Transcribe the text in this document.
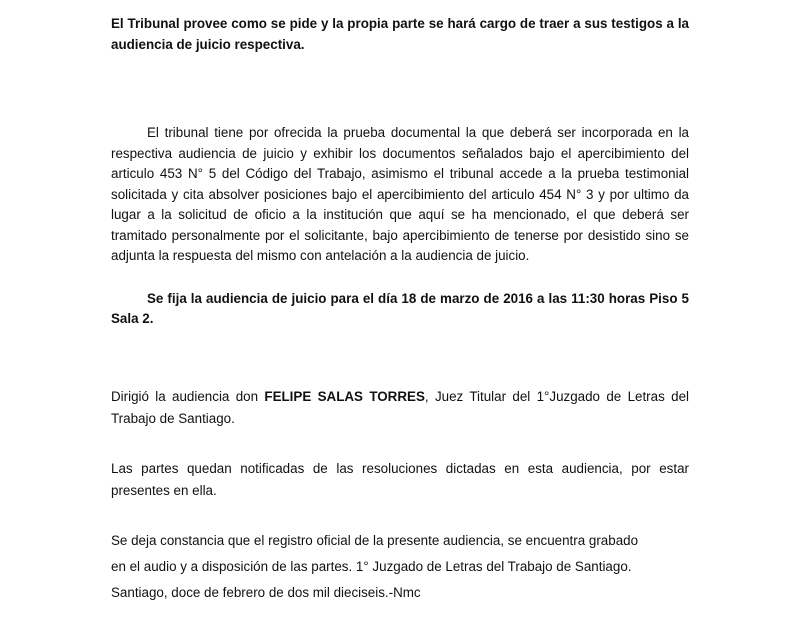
El Tribunal provee como se pide y la propia parte se hará cargo de traer a sus testigos a la audiencia de juicio respectiva.

El tribunal tiene por ofrecida la prueba documental la que deberá ser incorporada en la respectiva audiencia de juicio y exhibir los documentos señalados bajo el apercibimiento del articulo 453 N° 5 del Código del Trabajo, asimismo el tribunal accede a la prueba testimonial solicitada y cita absolver posiciones bajo el apercibimiento del articulo 454 N° 3 y por ultimo da lugar a la solicitud de oficio a la institución que aquí se ha mencionado, el que deberá ser tramitado personalmente por el solicitante, bajo apercibimiento de tenerse por desistido sino se adjunta la respuesta del mismo con antelación a la audiencia de juicio.

Se fija la audiencia de juicio para el día 18 de marzo de 2016 a las 11:30 horas Piso 5 Sala 2.

Dirigió la audiencia don FELIPE SALAS TORRES, Juez Titular del 1°Juzgado de Letras del Trabajo de Santiago.

Las partes quedan notificadas de las resoluciones dictadas en esta audiencia, por estar presentes en ella.

Se deja constancia que el registro oficial de la presente audiencia, se encuentra grabado
en el audio y a disposición de las partes. 1° Juzgado de Letras del Trabajo de Santiago.
Santiago, doce de febrero de dos mil dieciseis.-Nmc
